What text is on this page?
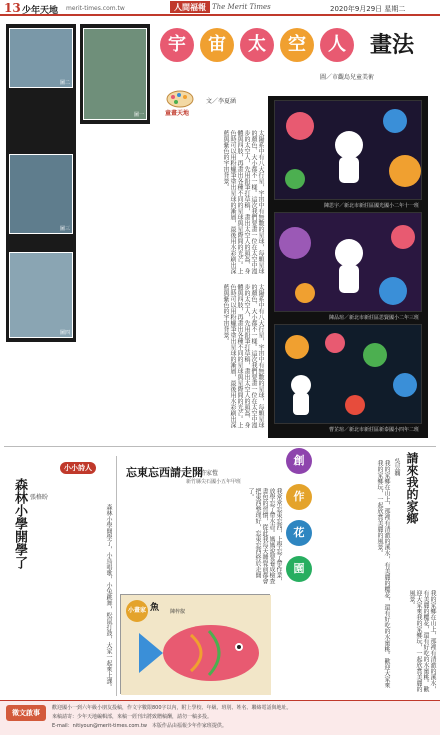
13 少年天地 merit-times.com.tw	人間福報 The Merit Times	2020年9月29日 星期二
圖二
圖三
圖四
圖一
宇	宙	太	空	人	畫法
圖／市觀島兒童美術
童畫天地
文／李夏涵
太陽系中有八大行星，宇宙中有無數的星球，每顆星球的顏色、大小都不一樣。這次我們要畫一位在太空中漫步的太空人，先用鉛筆打草稿，畫出太空人的頭盔、身體與四肢，再畫出各種不同的星球與星際間的光芒。上色時可以用粉蠟筆塗出星球的漸層，最後用水彩刷出深藍與紫色的宇宙背景。
太陽系中有八大行星，宇宙中有無數的星球，每顆星球的顏色、大小都不一樣。這次我們要畫一位在太空中漫步的太空人，先用鉛筆打草稿，畫出太空人的頭盔、身體與四肢，再畫出各種不同的星球與星際間的光芒。上色時可以用粉蠟筆塗出星球的漸層，最後用水彩刷出深藍與紫色的宇宙背景。
陳思宇／新北市新莊區國光國小二年十一班
陳品瑄／新北市新莊區思賢國小二年三班
曹芷瑄／新北市新莊區新泰國小四年二班
創
作
花
園
小小詩人
森林小學開學了 張格盼
森林小學開學了，小鳥唱歌，小兔跳舞，松鼠打鼓，大家一起來上課。
忘東忘西請走開
許家愷
新竹縣尖石國小五年甲班
我常常忘東忘西，上學忘了帶作業，放學忘了帶水壺。媽媽說要養成檢查書包的習慣，從此我每天睡覺前都會把東西整理好，忘東忘西終於走開了。
小畫家 魚 陳梓叡
請來我的家鄉
吳昱嫻
我的家鄉在山上，那裡有清澈的溪水，有美麗的櫻花，還有好吃的水蜜桃。歡迎大家來我的家鄉玩，一起欣賞美麗的風景。
我的家鄉在山上，那裡有清澈的溪水，有美麗的櫻花，還有好吃的水蜜桃。歡迎大家來我的家鄉玩，一起欣賞美麗的風景。
徵文啟事
歡迎國小一到六年級小朋友投稿，作文字數限800字以內，附上學校、年級、班別、姓名、聯絡電話與地址。
來稿請寄：少年天地編輯部，來稿一經刊出將致贈稿酬，請勿一稿多投。
E-mail：nitiyoun@merit-times.com.tw　本版作品由福報少年作家班提供。
